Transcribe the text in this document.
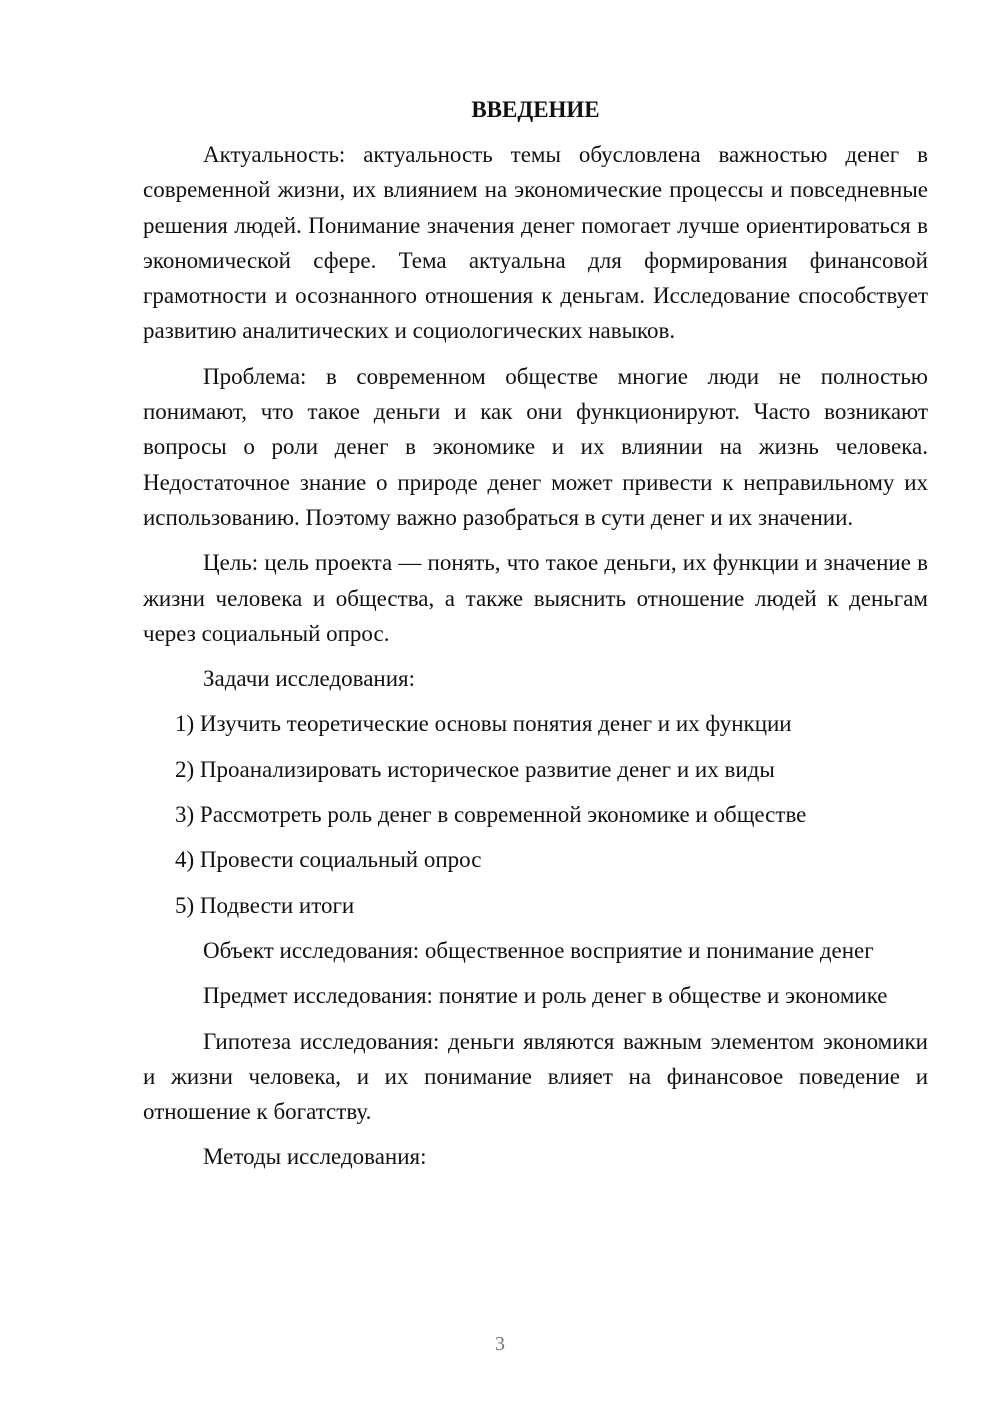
ВВЕДЕНИЕ

Актуальность: актуальность темы обусловлена важностью денег в современной жизни, их влиянием на экономические процессы и повседневные решения людей. Понимание значения денег помогает лучше ориентироваться в экономической сфере. Тема актуальна для формирования финансовой грамотности и осознанного отношения к деньгам. Исследование способствует развитию аналитических и социологических навыков.

Проблема: в современном обществе многие люди не полностью понимают, что такое деньги и как они функционируют. Часто возникают вопросы о роли денег в экономике и их влиянии на жизнь человека. Недостаточное знание о природе денег может привести к неправильному их использованию. Поэтому важно разобраться в сути денег и их значении.

Цель: цель проекта — понять, что такое деньги, их функции и значение в жизни человека и общества, а также выяснить отношение людей к деньгам через социальный опрос.

Задачи исследования:
1) Изучить теоретические основы понятия денег и их функции
2) Проанализировать историческое развитие денег и их виды
3) Рассмотреть роль денег в современной экономике и обществе
4) Провести социальный опрос
5) Подвести итоги

Объект исследования: общественное восприятие и понимание денег

Предмет исследования: понятие и роль денег в обществе и экономике

Гипотеза исследования: деньги являются важным элементом экономики и жизни человека, и их понимание влияет на финансовое поведение и отношение к богатству.

Методы исследования:
3
